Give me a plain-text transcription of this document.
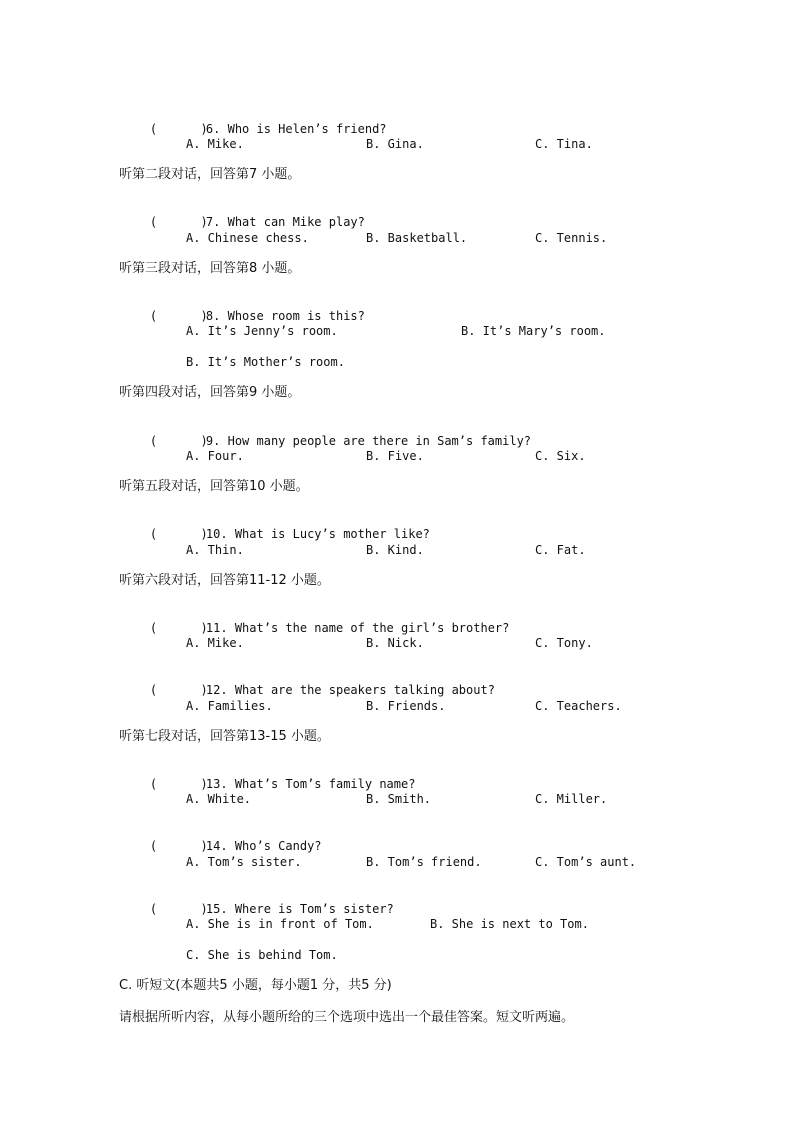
(      )6. Who is Helen’s friend?

A. Mike.	B. Gina.	C. Tina.
听第二段对话，回答第7 小题。

(      )7. What can Mike play?

A. Chinese chess.	B. Basketball.	C. Tennis.
听第三段对话，回答第8 小题。

(      )8. Whose room is this?

A. It’s Jenny’s room.	B. It’s Mary’s room.
B. It’s Mother’s room.
听第四段对话，回答第9 小题。

(      )9. How many people are there in Sam’s family?

A. Four.	B. Five.	C. Six.
听第五段对话，回答第10 小题。

(      )10. What is Lucy’s mother like?

A. Thin.	B. Kind.	C. Fat.
听第六段对话，回答第11-12 小题。

(      )11. What’s the name of the girl’s brother?

A. Mike.	B. Nick.	C. Tony.

(      )12. What are the speakers talking about?

A. Families.	B. Friends.	C. Teachers.
听第七段对话，回答第13-15 小题。

(      )13. What’s Tom’s family name?

A. White.	B. Smith.	C. Miller.

(      )14. Who’s Candy?

A. Tom’s sister.	B. Tom’s friend.	C. Tom’s aunt.

(      )15. Where is Tom’s sister?

A. She is in front of Tom.	B. She is next to Tom.
C. She is behind Tom.
C. 听短文(本题共5 小题，每小题1 分，共5 分)
请根据所听内容，从每小题所给的三个选项中选出一个最佳答案。短文听两遍。
